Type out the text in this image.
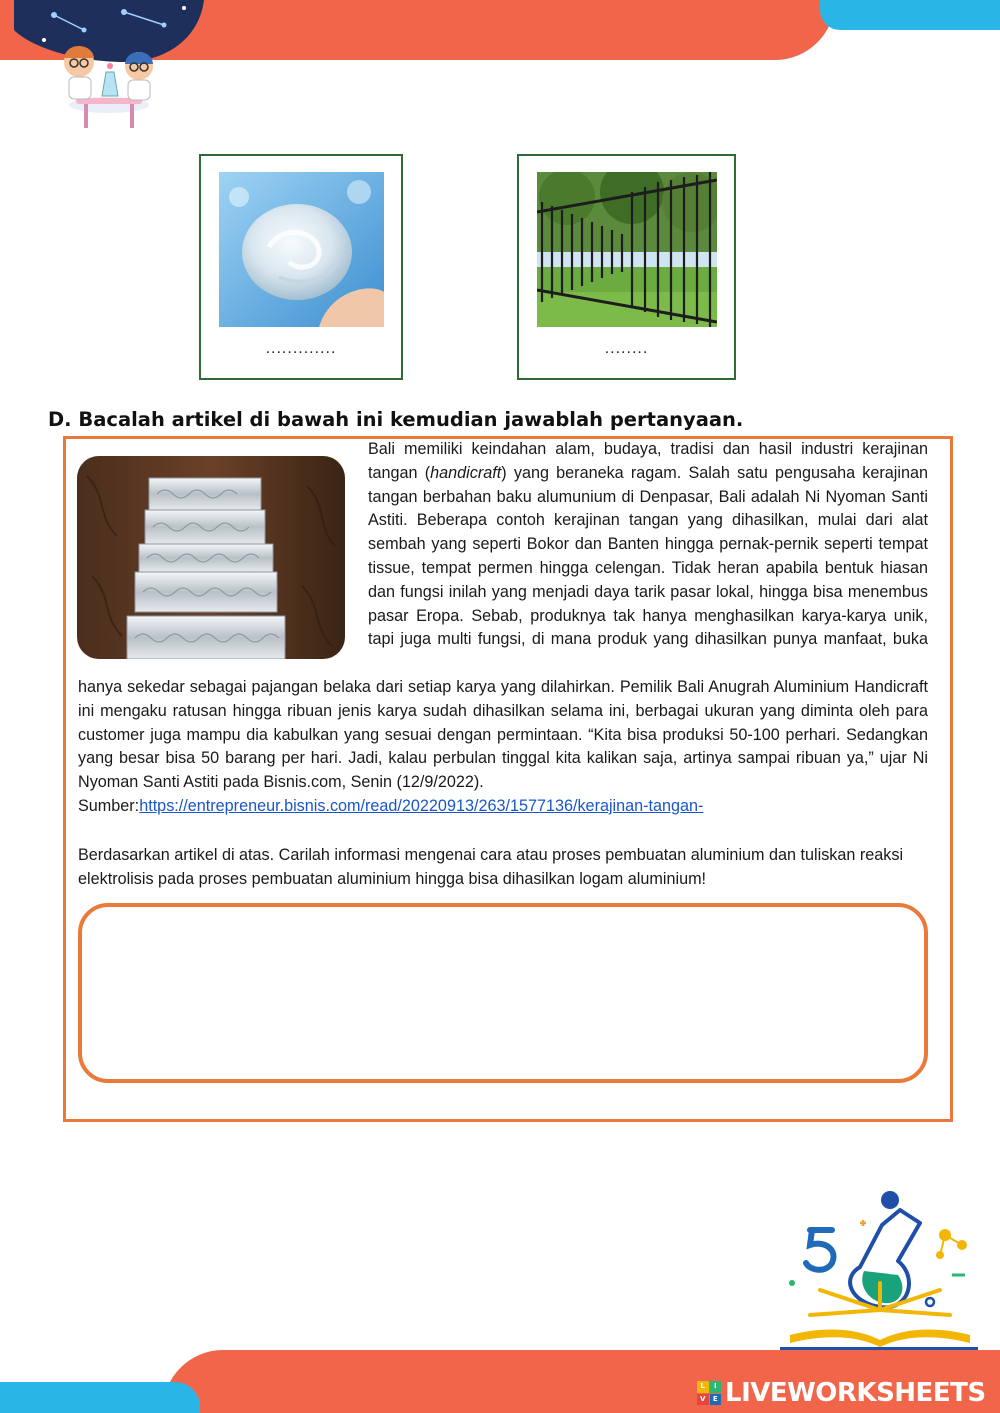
.............	........
D. Bacalah artikel di bawah ini kemudian jawablah pertanyaan.
Bali memiliki keindahan alam, budaya, tradisi dan hasil industri kerajinan tangan (handicraft) yang beraneka ragam. Salah satu pengusaha kerajinan tangan berbahan baku alumunium di Denpasar, Bali adalah Ni Nyoman Santi Astiti. Beberapa contoh kerajinan tangan yang dihasilkan, mulai dari alat sembah yang seperti Bokor dan Banten hingga pernak-pernik seperti tempat tissue, tempat permen hingga celengan. Tidak heran apabila bentuk hiasan dan fungsi inilah yang menjadi daya tarik pasar lokal, hingga bisa menembus pasar Eropa. Sebab, produknya tak hanya menghasilkan karya-karya unik, tapi juga multi fungsi, di mana produk yang dihasilkan punya manfaat, buka
hanya sekedar sebagai pajangan belaka dari setiap karya yang dilahirkan. Pemilik Bali Anugrah Aluminium Handicraft ini mengaku ratusan hingga ribuan jenis karya sudah dihasilkan selama ini, berbagai ukuran yang diminta oleh para customer juga mampu dia kabulkan yang sesuai dengan permintaan. “Kita bisa produksi 50-100 perhari. Sedangkan yang besar bisa 50 barang per hari. Jadi, kalau perbulan tinggal kita kalikan saja, artinya sampai ribuan ya,” ujar Ni Nyoman Santi Astiti pada Bisnis.com, Senin (12/9/2022).
Sumber:https://entrepreneur.bisnis.com/read/20220913/263/1577136/kerajinan-tangan-
Berdasarkan artikel di atas. Carilah informasi mengenai cara atau proses pembuatan aluminium dan tuliskan reaksi elektrolisis pada proses pembuatan aluminium hingga bisa dihasilkan logam aluminium!
L	I
V	E LIVEWORKSHEETS
